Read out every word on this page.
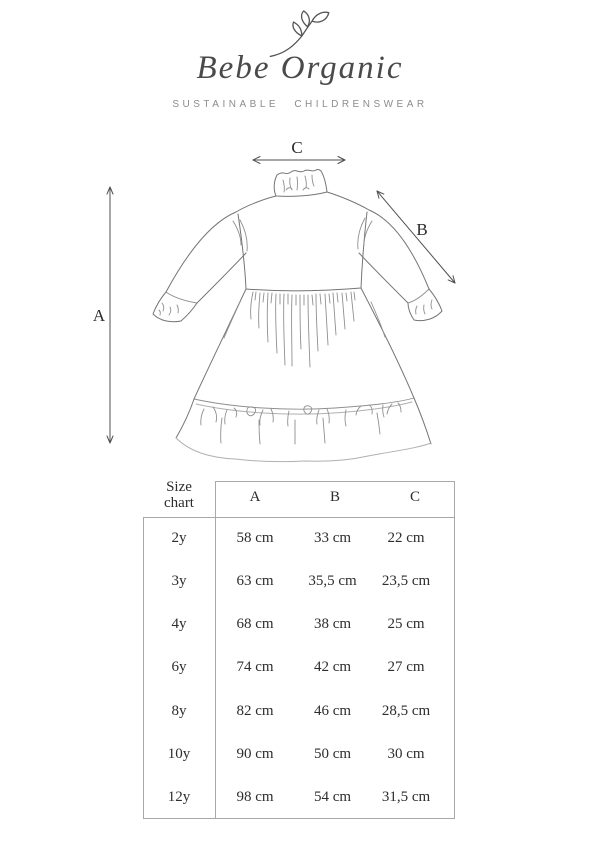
Bebe Organic
SUSTAINABLE CHILDRENSWEAR
A
B
C
Size chart	A	B	C
2y	58 cm	33 cm	22 cm
3y	63 cm	35,5 cm	23,5 cm
4y	68 cm	38 cm	25 cm
6y	74 cm	42 cm	27 cm
8y	82 cm	46 cm	28,5 cm
10y	90 cm	50 cm	30 cm
12y	98 cm	54 cm	31,5 cm
